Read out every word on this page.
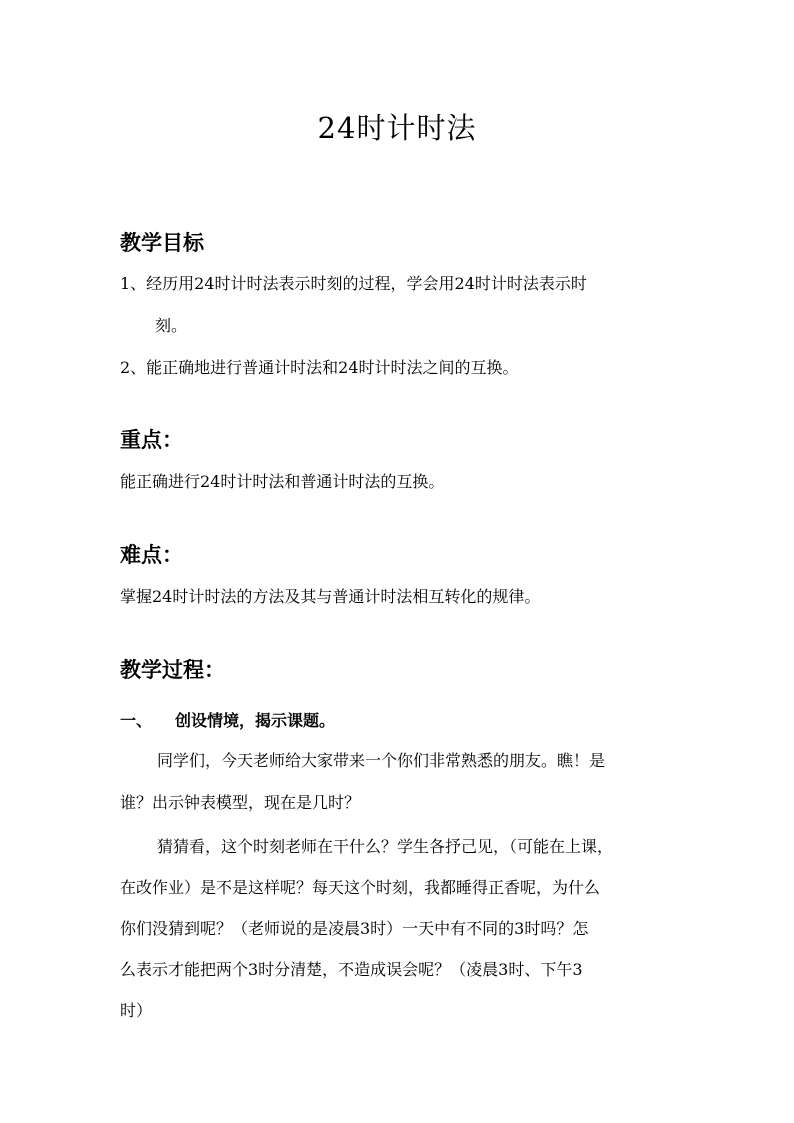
24时计时法
教学目标
1、经历用24时计时法表示时刻的过程，学会用24时计时法表示时
刻。
2、能正确地进行普通计时法和24时计时法之间的互换。
重点：
能正确进行24时计时法和普通计时法的互换。
难点：
掌握24时计时法的方法及其与普通计时法相互转化的规律。
教学过程：
一、 创设情境，揭示课题。
同学们，今天老师给大家带来一个你们非常熟悉的朋友。瞧！是
谁？出示钟表模型，现在是几时？
猜猜看，这个时刻老师在干什么？学生各抒己见，（可能在上课，
在改作业）是不是这样呢？每天这个时刻，我都睡得正香呢，为什么
你们没猜到呢？（老师说的是凌晨3时）一天中有不同的3时吗？怎
么表示才能把两个3时分清楚，不造成误会呢？（凌晨3时、下午3
时）
